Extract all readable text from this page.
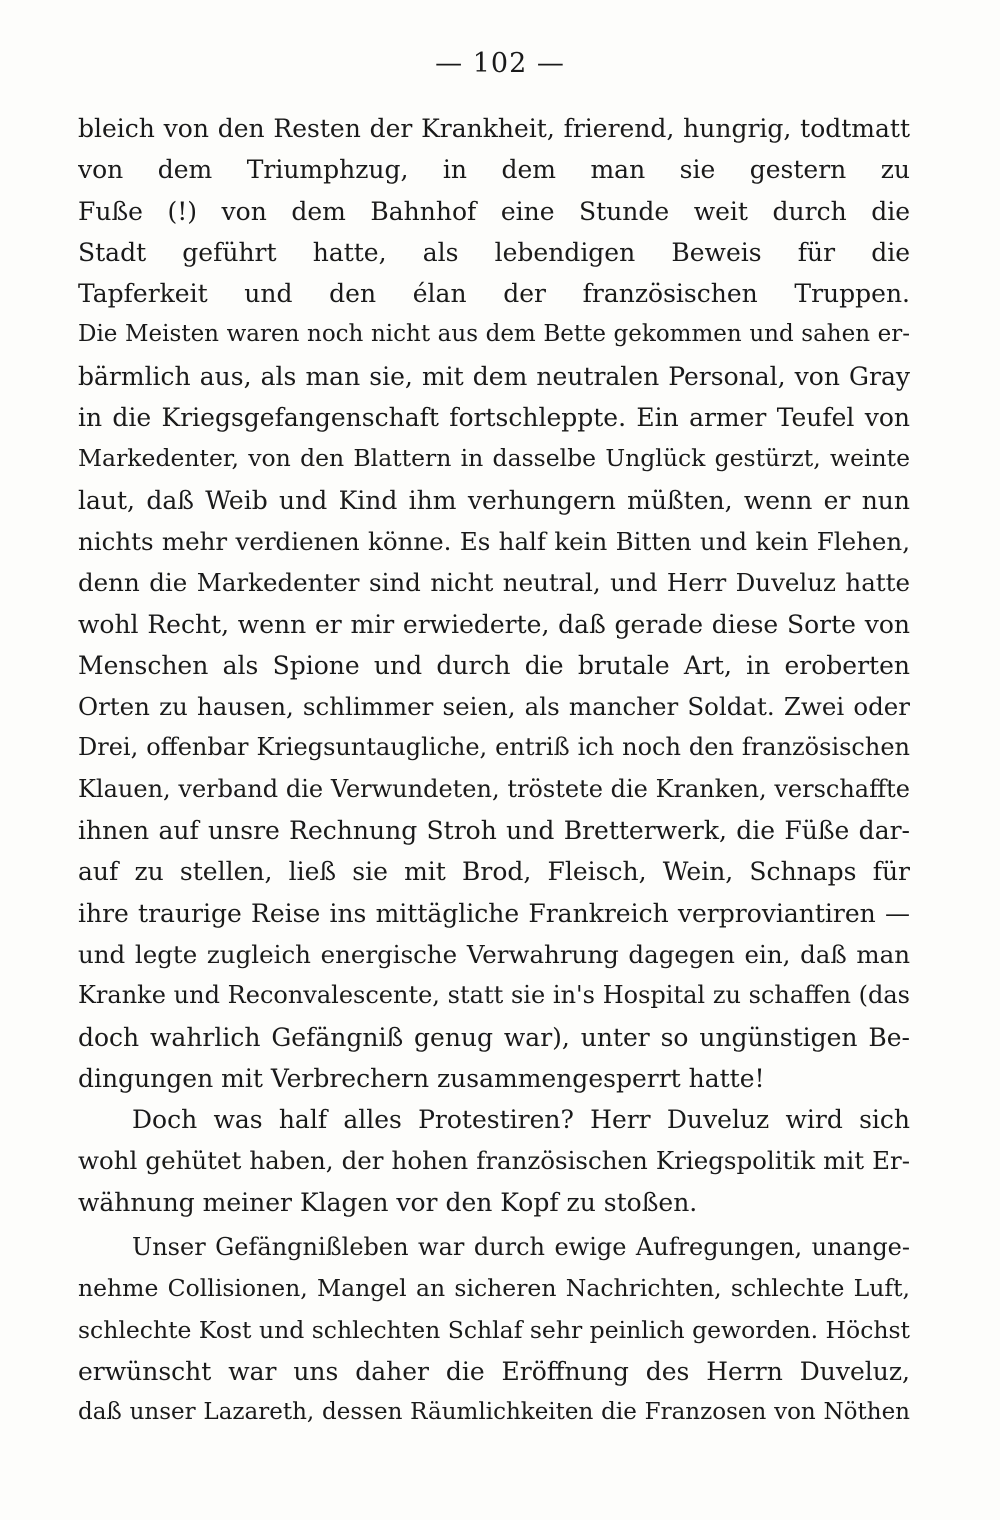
— 102 —
bleich von den Resten der Krankheit, frierend, hungrig, todtmatt
von dem Triumphzug, in dem man sie gestern zu
Fuße (!) von dem Bahnhof eine Stunde weit durch die
Stadt geführt hatte, als lebendigen Beweis für die
Tapferkeit und den élan der französischen Truppen.
Die Meisten waren noch nicht aus dem Bette gekommen und sahen er-
bärmlich aus, als man sie, mit dem neutralen Personal, von Gray
in die Kriegsgefangenschaft fortschleppte. Ein armer Teufel von
Markedenter, von den Blattern in dasselbe Unglück gestürzt, weinte
laut, daß Weib und Kind ihm verhungern müßten, wenn er nun
nichts mehr verdienen könne. Es half kein Bitten und kein Flehen,
denn die Markedenter sind nicht neutral, und Herr Duveluz hatte
wohl Recht, wenn er mir erwiederte, daß gerade diese Sorte von
Menschen als Spione und durch die brutale Art, in eroberten
Orten zu hausen, schlimmer seien, als mancher Soldat. Zwei oder
Drei, offenbar Kriegsuntaugliche, entriß ich noch den französischen
Klauen, verband die Verwundeten, tröstete die Kranken, verschaffte
ihnen auf unsre Rechnung Stroh und Bretterwerk, die Füße dar-
auf zu stellen, ließ sie mit Brod, Fleisch, Wein, Schnaps für
ihre traurige Reise ins mittägliche Frankreich verproviantiren —
und legte zugleich energische Verwahrung dagegen ein, daß man
Kranke und Reconvalescente, statt sie in's Hospital zu schaffen (das
doch wahrlich Gefängniß genug war), unter so ungünstigen Be-
dingungen mit Verbrechern zusammengesperrt hatte!
Doch was half alles Protestiren? Herr Duveluz wird sich
wohl gehütet haben, der hohen französischen Kriegspolitik mit Er-
wähnung meiner Klagen vor den Kopf zu stoßen.
Unser Gefängnißleben war durch ewige Aufregungen, unange-
nehme Collisionen, Mangel an sicheren Nachrichten, schlechte Luft,
schlechte Kost und schlechten Schlaf sehr peinlich geworden. Höchst
erwünscht war uns daher die Eröffnung des Herrn Duveluz,
daß unser Lazareth, dessen Räumlichkeiten die Franzosen von Nöthen
